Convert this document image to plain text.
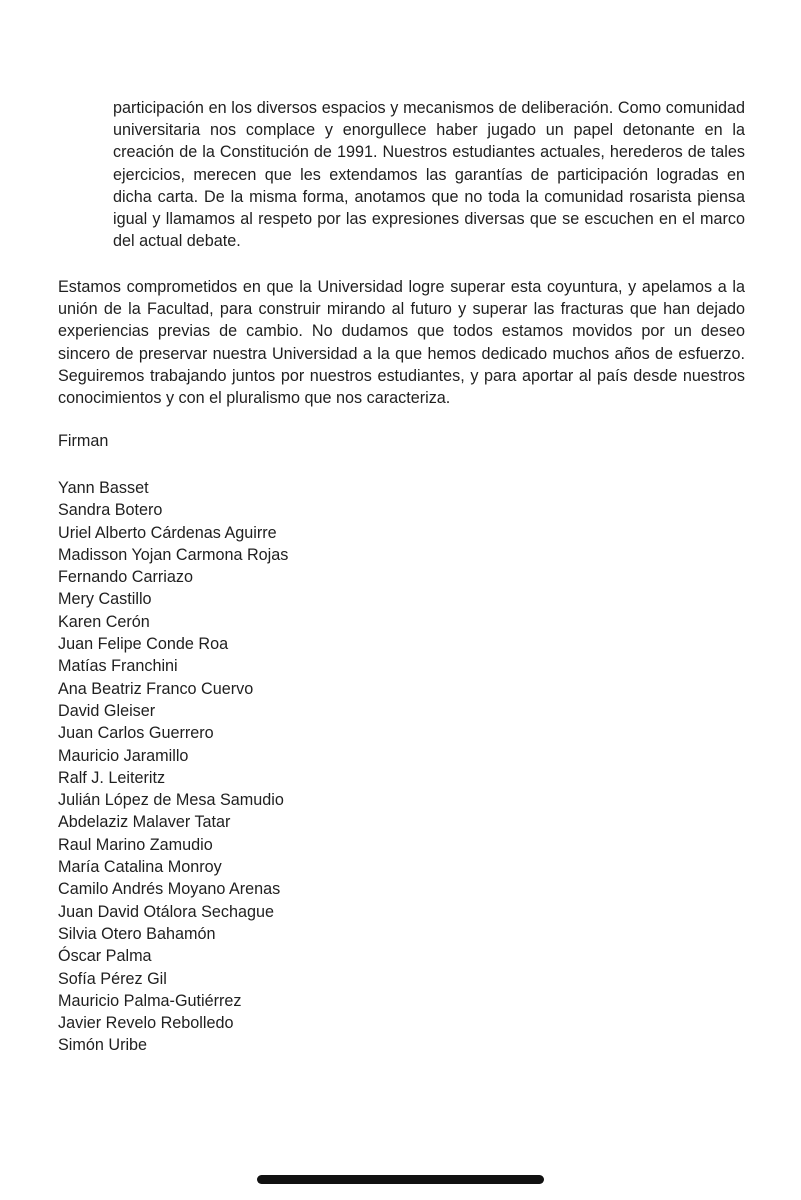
participación en los diversos espacios y mecanismos de deliberación. Como comunidad universitaria nos complace y enorgullece haber jugado un papel detonante en la creación de la Constitución de 1991. Nuestros estudiantes actuales, herederos de tales ejercicios, merecen que les extendamos las garantías de participación logradas en dicha carta. De la misma forma, anotamos que no toda la comunidad rosarista piensa igual y llamamos al respeto por las expresiones diversas que se escuchen en el marco del actual debate.

Estamos comprometidos en que la Universidad logre superar esta coyuntura, y apelamos a la unión de la Facultad, para construir mirando al futuro y superar las fracturas que han dejado experiencias previas de cambio. No dudamos que todos estamos movidos por un deseo sincero de preservar nuestra Universidad a la que hemos dedicado muchos años de esfuerzo. Seguiremos trabajando juntos por nuestros estudiantes, y para aportar al país desde nuestros conocimientos y con el pluralismo que nos caracteriza.

Firman

Yann Basset
Sandra Botero
Uriel Alberto Cárdenas Aguirre
Madisson Yojan Carmona Rojas
Fernando Carriazo
Mery Castillo
Karen Cerón
Juan Felipe Conde Roa
Matías Franchini
Ana Beatriz Franco Cuervo
David Gleiser
Juan Carlos Guerrero
Mauricio Jaramillo
Ralf J. Leiteritz
Julián López de Mesa Samudio
Abdelaziz Malaver Tatar
Raul Marino Zamudio
María Catalina Monroy
Camilo Andrés Moyano Arenas
Juan David Otálora Sechague
Silvia Otero Bahamón
Óscar Palma
Sofía Pérez Gil
Mauricio Palma-Gutiérrez
Javier Revelo Rebolledo
Simón Uribe
